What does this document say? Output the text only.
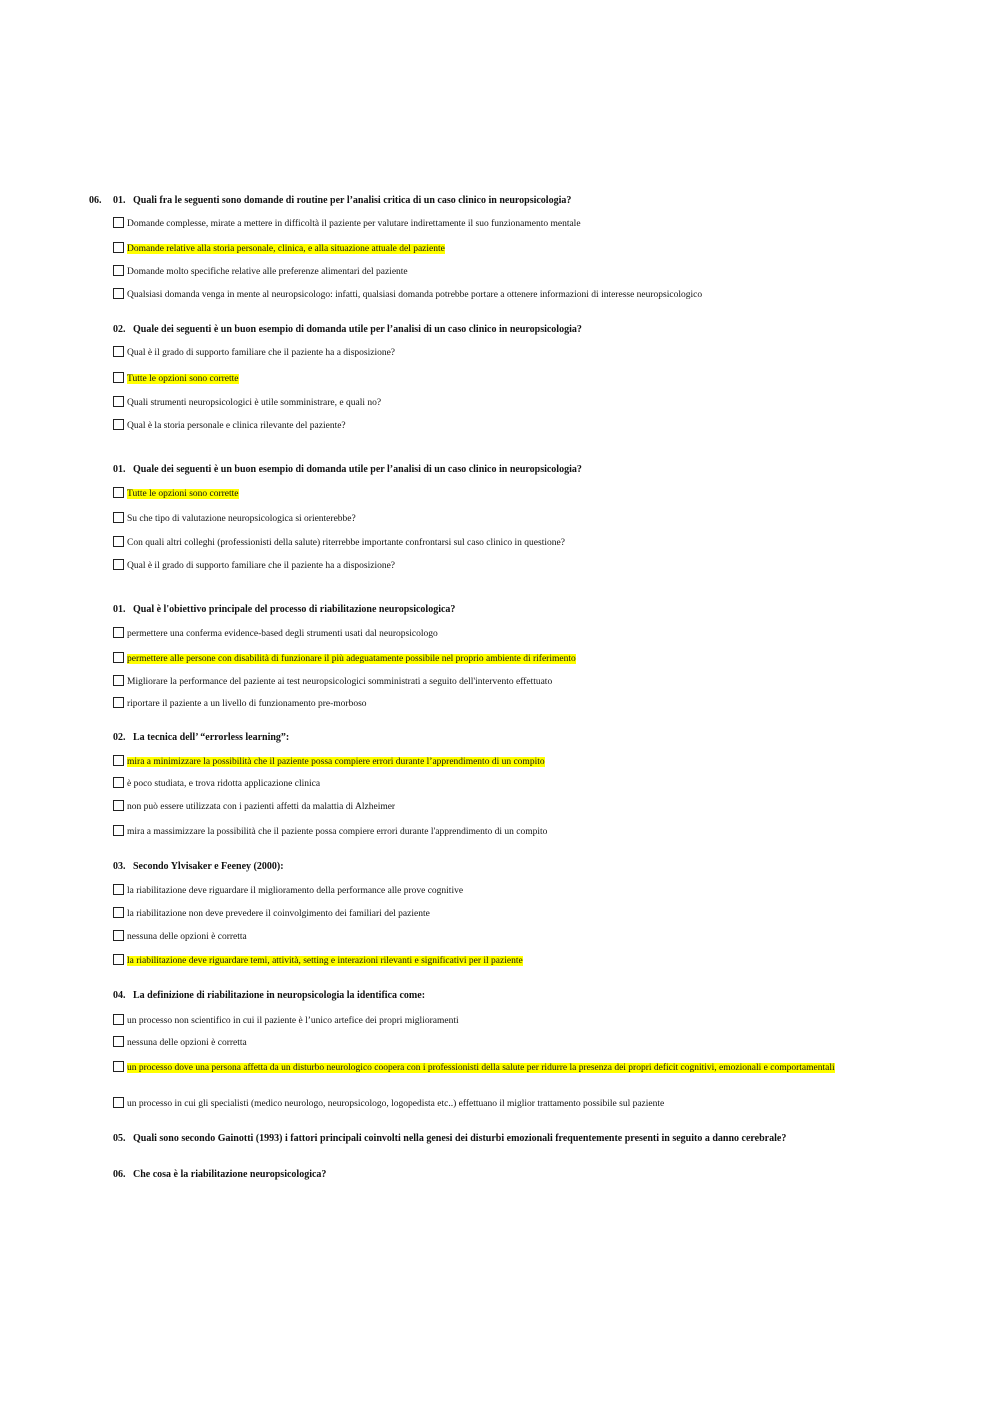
06. 01. Quali fra le seguenti sono domande di routine per l’analisi critica di un caso clinico in neuropsicologia?
Domande complesse, mirate a mettere in difficoltà il paziente per valutare indirettamente il suo funzionamento mentale
Domande relative alla storia personale, clinica, e alla situazione attuale del paziente
Domande molto specifiche relative alle preferenze alimentari del paziente
Qualsiasi domanda venga in mente al neuropsicologo: infatti, qualsiasi domanda potrebbe portare a ottenere informazioni di interesse neuropsicologico
02. Quale dei seguenti è un buon esempio di domanda utile per l’analisi di un caso clinico in neuropsicologia?
Qual è il grado di supporto familiare che il paziente ha a disposizione?
Tutte le opzioni sono corrette
Quali strumenti neuropsicologici è utile somministrare, e quali no?
Qual è la storia personale e clinica rilevante del paziente?
01. Quale dei seguenti è un buon esempio di domanda utile per l’analisi di un caso clinico in neuropsicologia?
Tutte le opzioni sono corrette
Su che tipo di valutazione neuropsicologica si orienterebbe?
Con quali altri colleghi (professionisti della salute) riterrebbe importante confrontarsi sul caso clinico in questione?
Qual è il grado di supporto familiare che il paziente ha a disposizione?
01. Qual è l'obiettivo principale del processo di riabilitazione neuropsicologica?
permettere una conferma evidence-based degli strumenti usati dal neuropsicologo
permettere alle persone con disabilità di funzionare il più adeguatamente possibile nel proprio ambiente di riferimento
Migliorare la performance del paziente ai test neuropsicologici somministrati a seguito dell'intervento effettuato
riportare il paziente a un livello di funzionamento pre-morboso
02. La tecnica dell’ “errorless learning”:
mira a minimizzare la possibilità che il paziente possa compiere errori durante l’apprendimento di un compito
è poco studiata, e trova ridotta applicazione clinica
non può essere utilizzata con i pazienti affetti da malattia di Alzheimer
mira a massimizzare la possibilità che il paziente possa compiere errori durante l'apprendimento di un compito
03. Secondo Ylvisaker e Feeney (2000):
la riabilitazione deve riguardare il miglioramento della performance alle prove cognitive
la riabilitazione non deve prevedere il coinvolgimento dei familiari del paziente
nessuna delle opzioni è corretta
la riabilitazione deve riguardare temi, attività, setting e interazioni rilevanti e significativi per il paziente
04. La definizione di riabilitazione in neuropsicologia la identifica come:
un processo non scientifico in cui il paziente è l’unico artefice dei propri miglioramenti
nessuna delle opzioni è corretta
un processo dove una persona affetta da un disturbo neurologico coopera con i professionisti della salute per ridurre la presenza dei propri deficit cognitivi, emozionali e comportamentali
un processo in cui gli specialisti (medico neurologo, neuropsicologo, logopedista etc..) effettuano il miglior trattamento possibile sul paziente
05. Quali sono secondo Gainotti (1993) i fattori principali coinvolti nella genesi dei disturbi emozionali frequentemente presenti in seguito a danno cerebrale?
06. Che cosa è la riabilitazione neuropsicologica?
